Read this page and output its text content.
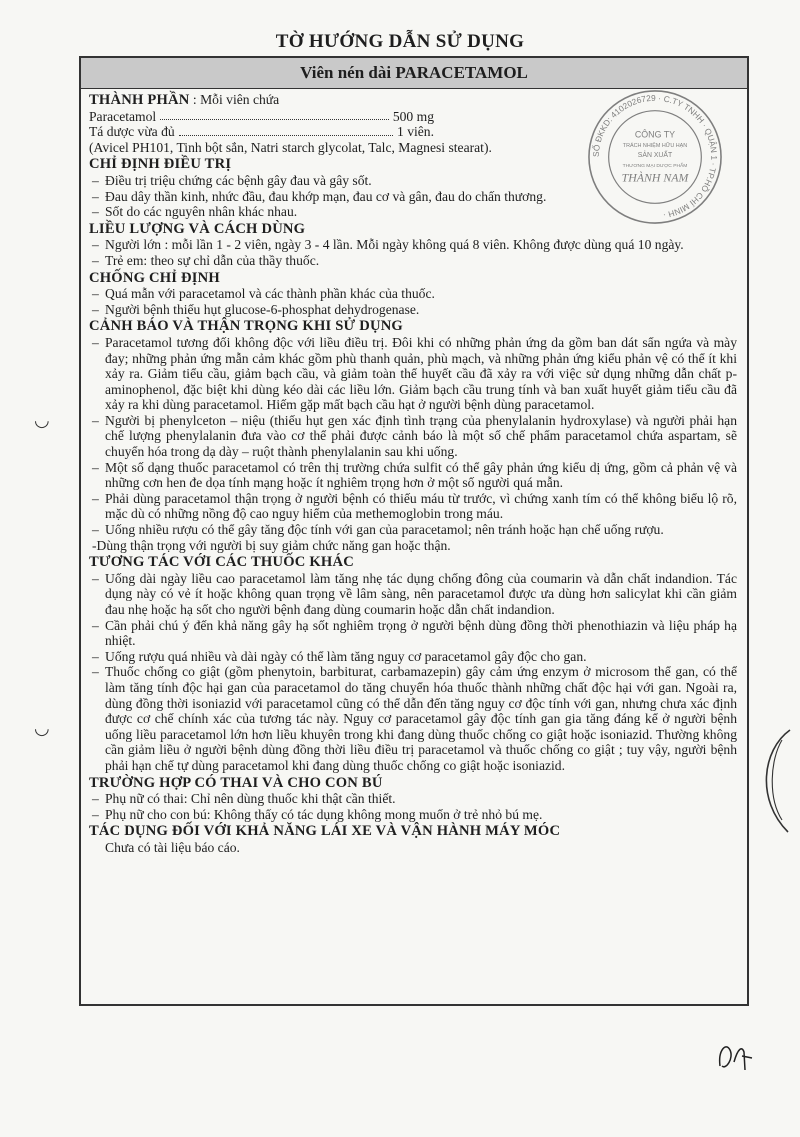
TỜ HƯỚNG DẪN SỬ DỤNG
Viên nén dài PARACETAMOL
THÀNH PHẦN : Mỗi viên chứa
Paracetamol	500 mg
Tá dược vừa đủ	1 viên.
(Avicel PH101, Tinh bột sắn, Natri starch glycolat, Talc, Magnesi stearat).
CHỈ ĐỊNH ĐIỀU TRỊ
– Điều trị triệu chứng các bệnh gây đau và gây sốt.
– Đau dây thần kinh, nhức đầu, đau khớp mạn, đau cơ và gân, đau do chấn thương.
– Sốt do các nguyên nhân khác nhau.
LIỀU LƯỢNG VÀ CÁCH DÙNG
– Người lớn : mỗi lần 1 - 2 viên, ngày 3 - 4 lần. Mỗi ngày không quá 8 viên. Không được dùng quá 10 ngày.
– Trẻ em: theo sự chỉ dẫn của thầy thuốc.
CHỐNG CHỈ ĐỊNH
– Quá mẫn với paracetamol và các thành phần khác của thuốc.
– Người bệnh thiếu hụt glucose-6-phosphat dehydrogenase.
CẢNH BÁO VÀ THẬN TRỌNG KHI SỬ DỤNG
– Paracetamol tương đối không độc với liều điều trị. Đôi khi có những phản ứng da gồm ban dát sẩn ngứa và mày đay; những phản ứng mẫn cảm khác gồm phù thanh quản, phù mạch, và những phản ứng kiểu phản vệ có thể ít khi xảy ra. Giảm tiểu cầu, giảm bạch cầu, và giảm toàn thể huyết cầu đã xảy ra với việc sử dụng những dẫn chất p-aminophenol, đặc biệt khi dùng kéo dài các liều lớn. Giảm bạch cầu trung tính và ban xuất huyết giảm tiểu cầu đã xảy ra khi dùng paracetamol. Hiếm gặp mất bạch cầu hạt ở người bệnh dùng paracetamol.
– Người bị phenylceton – niệu (thiếu hụt gen xác định tình trạng của phenylalanin hydroxylase) và người phải hạn chế lượng phenylalanin đưa vào cơ thể phải được cảnh báo là một số chế phẩm paracetamol chứa aspartam, sẽ chuyển hóa trong dạ dày – ruột thành phenylalanin sau khi uống.
– Một số dạng thuốc paracetamol có trên thị trường chứa sulfit có thể gây phản ứng kiểu dị ứng, gồm cả phản vệ và những cơn hen đe dọa tính mạng hoặc ít nghiêm trọng hơn ở một số người quá mẫn.
– Phải dùng paracetamol thận trọng ở người bệnh có thiếu máu từ trước, vì chứng xanh tím có thể không biểu lộ rõ, mặc dù có những nồng độ cao nguy hiểm của methemoglobin trong máu.
– Uống nhiều rượu có thể gây tăng độc tính với gan của paracetamol; nên tránh hoặc hạn chế uống rượu.
-Dùng thận trọng với người bị suy giảm chức năng gan hoặc thận.
TƯƠNG TÁC VỚI CÁC THUỐC KHÁC
– Uống dài ngày liều cao paracetamol làm tăng nhẹ tác dụng chống đông của coumarin và dẫn chất indandion. Tác dụng này có vẻ ít hoặc không quan trọng về lâm sàng, nên paracetamol được ưa dùng hơn salicylat khi cần giảm đau nhẹ hoặc hạ sốt cho người bệnh đang dùng coumarin hoặc dẫn chất indandion.
– Cần phải chú ý đến khả năng gây hạ sốt nghiêm trọng ở người bệnh dùng đồng thời phenothiazin và liệu pháp hạ nhiệt.
– Uống rượu quá nhiều và dài ngày có thể làm tăng nguy cơ paracetamol gây độc cho gan.
– Thuốc chống co giật (gồm phenytoin, barbiturat, carbamazepin) gây cảm ứng enzym ở microsom thể gan, có thể làm tăng tính độc hại gan của paracetamol do tăng chuyển hóa thuốc thành những chất độc hại với gan. Ngoài ra, dùng đồng thời isoniazid với paracetamol cũng có thể dẫn đến tăng nguy cơ độc tính với gan, nhưng chưa xác định được cơ chế chính xác của tương tác này. Nguy cơ paracetamol gây độc tính gan gia tăng đáng kể ở người bệnh uống liều paracetamol lớn hơn liều khuyên trong khi đang dùng thuốc chống co giật hoặc isoniazid. Thường không cần giảm liều ở người bệnh dùng đồng thời liều điều trị paracetamol và thuốc chống co giật ; tuy vậy, người bệnh phải hạn chế tự dùng paracetamol khi đang dùng thuốc chống co giật hoặc isoniazid.
TRƯỜNG HỢP CÓ THAI VÀ CHO CON BÚ
– Phụ nữ có thai: Chỉ nên dùng thuốc khi thật cần thiết.
– Phụ nữ cho con bú: Không thấy có tác dụng không mong muốn ở trẻ nhỏ bú mẹ.
TÁC DỤNG ĐỐI VỚI KHẢ NĂNG LÁI XE VÀ VẬN HÀNH MÁY MÓC
Chưa có tài liệu báo cáo.
SỐ ĐKKD: 4102026729 · C.TY TNHH · QUẬN 1 · TP.HỒ CHÍ MINH ·
CÔNG TY
TRÁCH NHIỆM HỮU HẠN
SẢN XUẤT
THƯƠNG MẠI DƯỢC PHẨM
THÀNH NAM
◡
◡
